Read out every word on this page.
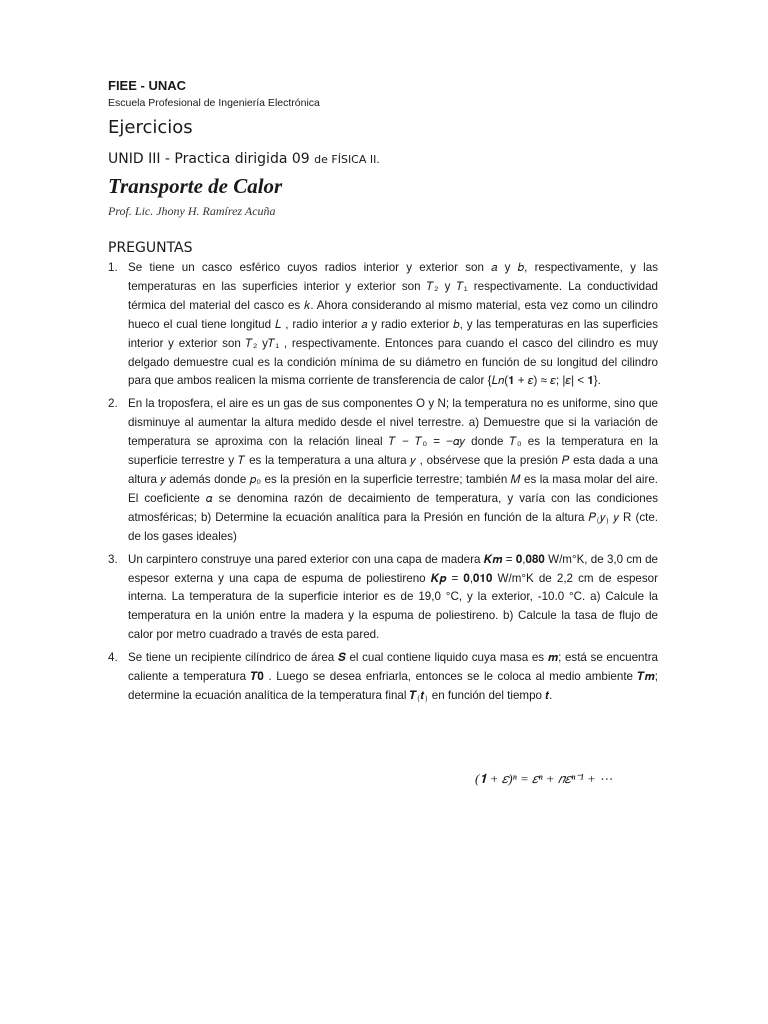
FIEE - UNAC

Escuela Profesional de Ingeniería Electrónica

Ejercicios

UNID III - Practica dirigida 09 de FÍSICA II.

Transporte de Calor

Prof. Lic. Jhony H. Ramírez Acuña

PREGUNTAS

1. Se tiene un casco esférico cuyos radios interior y exterior son 𝑎 y 𝑏, respectivamente, y las temperaturas en las superficies interior y exterior son 𝑇₂ y 𝑇₁ respectivamente. La conductividad térmica del material del casco es 𝑘. Ahora considerando al mismo material, esta vez como un cilindro hueco el cual tiene longitud 𝐿 , radio interior 𝑎 y radio exterior 𝑏, y las temperaturas en las superficies interior y exterior son 𝑇₂ y𝑇₁ , respectivamente. Entonces para cuando el casco del cilindro es muy delgado demuestre cual es la condición mínima de su diámetro en función de su longitud del cilindro para que ambos realicen la misma corriente de transferencia de calor {𝐿𝑛(𝟏 + 𝜀) ≈ 𝜀; |𝜀| < 𝟏}.
2. En la troposfera, el aire es un gas de sus componentes O y N; la temperatura no es uniforme, sino que disminuye al aumentar la altura medido desde el nivel terrestre. a) Demuestre que si la variación de temperatura se aproxima con la relación lineal 𝑇 − 𝑇₀ = −𝛼𝑦 donde 𝑇₀ es la temperatura en la superficie terrestre y 𝑇 es la temperatura a una altura 𝑦 , obsérvese que la presión 𝑃 esta dada a una altura 𝑦 además donde 𝑝₀ es la presión en la superficie terrestre; también 𝑀 es la masa molar del aire. El coeficiente 𝛼 se denomina razón de decaimiento de temperatura, y varía con las condiciones atmosféricas; b) Determine la ecuación analítica para la Presión en función de la altura 𝑃₍𝑦₎ 𝑦 R (cte. de los gases ideales)
3. Un carpintero construye una pared exterior con una capa de madera 𝑲𝒎 = 𝟎,𝟎𝟖𝟎 W/m°K, de 3,0 cm de espesor externa y una capa de espuma de poliestireno 𝑲𝒑 = 𝟎,𝟎𝟏𝟎 W/m°K de 2,2 cm de espesor interna. La temperatura de la superficie interior es de 19,0 °C, y la exterior, -10.0 °C. a) Calcule la temperatura en la unión entre la madera y la espuma de poliestireno. b) Calcule la tasa de flujo de calor por metro cuadrado a través de esta pared.
4. Se tiene un recipiente cilíndrico de área 𝑺 el cual contiene liquido cuya masa es 𝒎; está se encuentra caliente a temperatura 𝑻𝟎 . Luego se desea enfriarla, entonces se le coloca al medio ambiente 𝑻𝒎; determine la ecuación analítica de la temperatura final 𝑻₍𝒕₎ en función del tiempo 𝒕.
(𝟏 + 𝜀)ⁿ = 𝜀ⁿ + 𝑛𝜀ⁿ⁻¹ + ⋯
